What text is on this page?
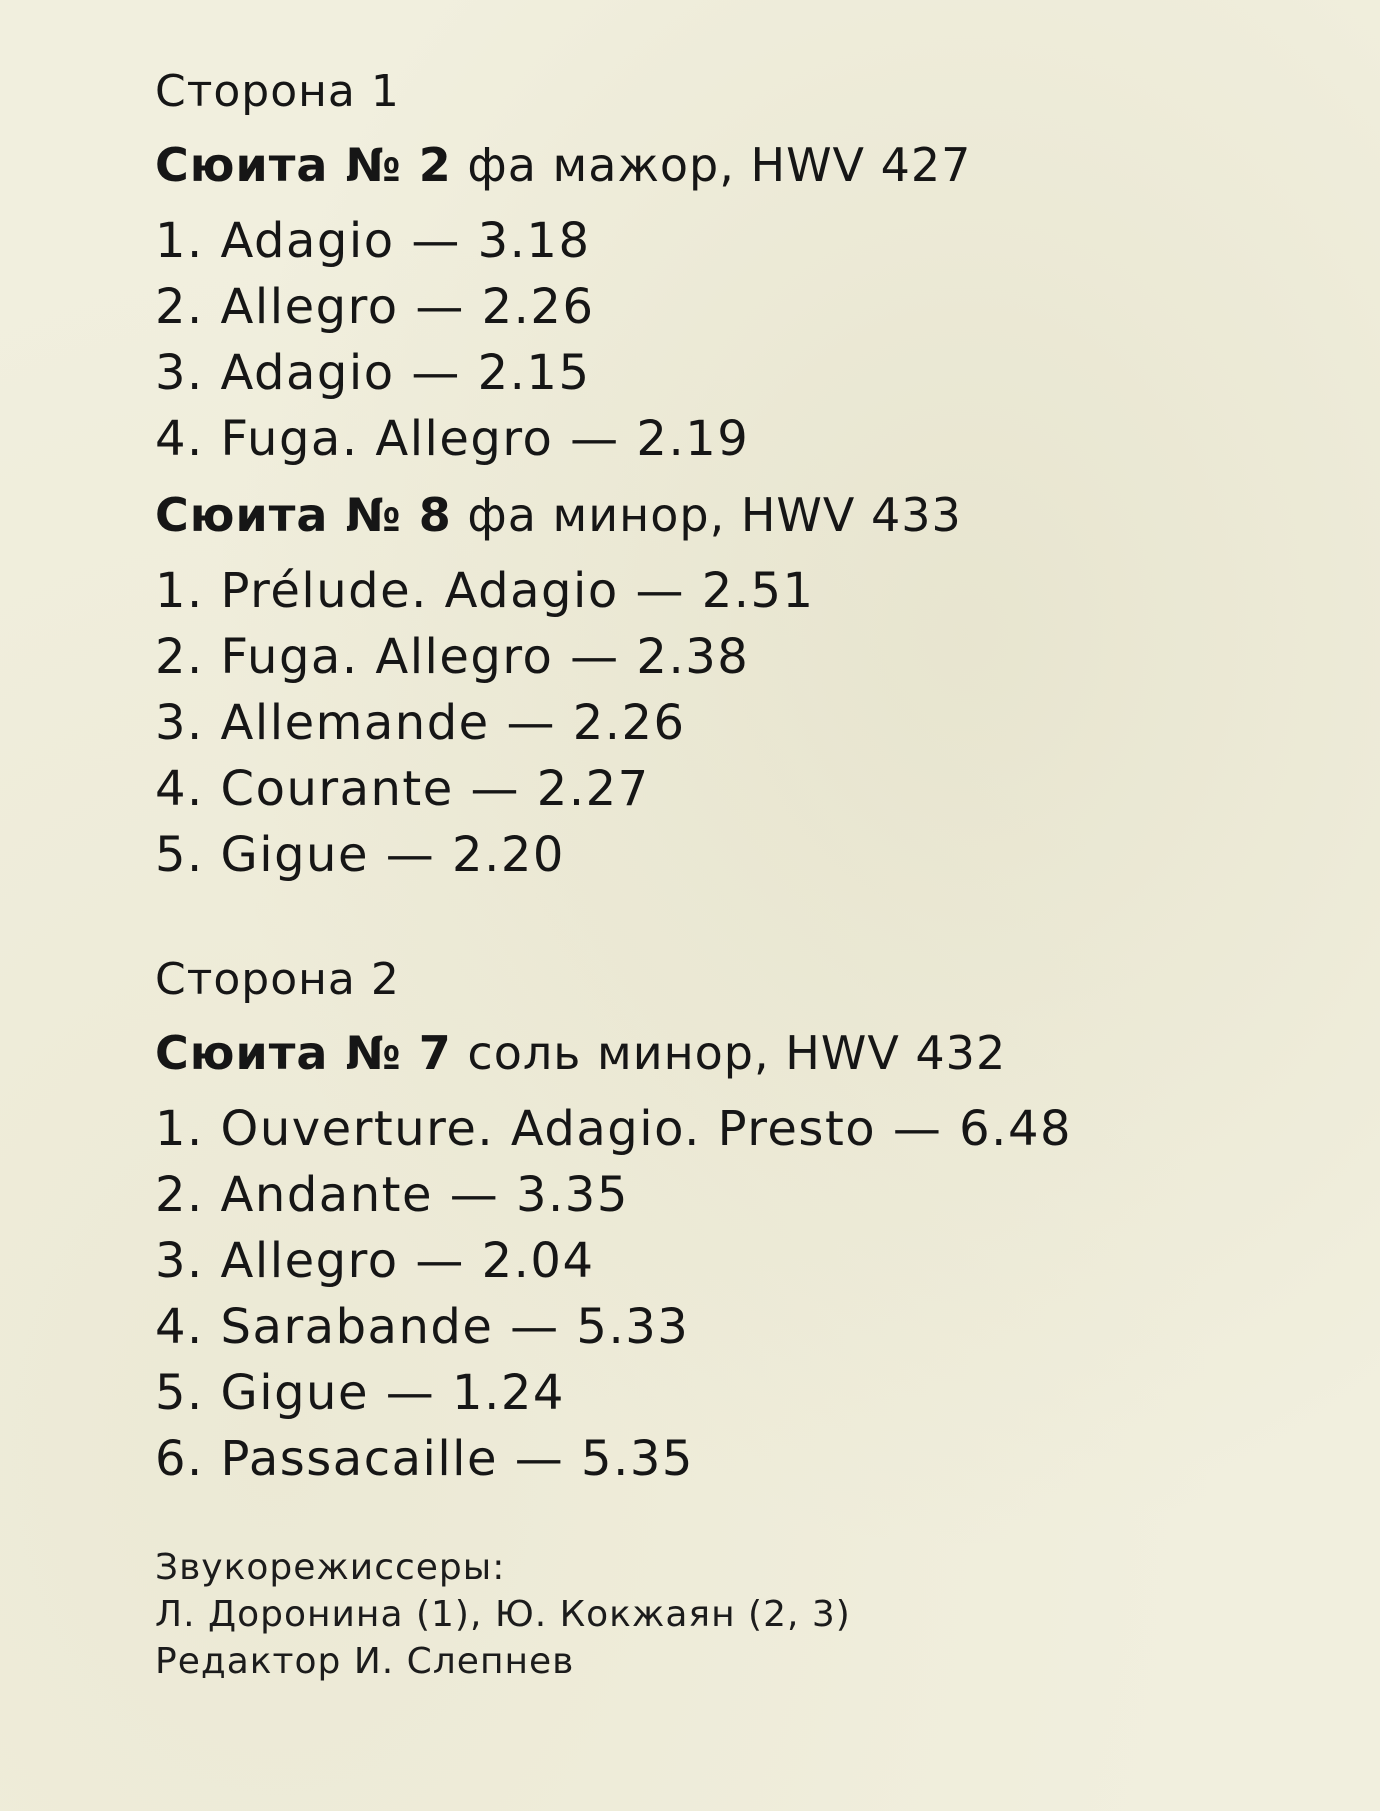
Сторона 1
Сюита № 2 фа мажор, HWV 427
1. Adagio — 3.18
2. Allegro — 2.26
3. Adagio — 2.15
4. Fuga. Allegro — 2.19
Сюита № 8 фа минор, HWV 433
1. Prélude. Adagio — 2.51
2. Fuga. Allegro — 2.38
3. Allemande — 2.26
4. Courante — 2.27
5. Gigue — 2.20
Сторона 2
Сюита № 7 соль минор, HWV 432
1. Ouverture. Adagio. Presto — 6.48
2. Andante — 3.35
3. Allegro — 2.04
4. Sarabande — 5.33
5. Gigue — 1.24
6. Passacaille — 5.35
Звукорежиссеры:
Л. Доронина (1), Ю. Кокжаян (2, 3)
Редактор И. Слепнев
